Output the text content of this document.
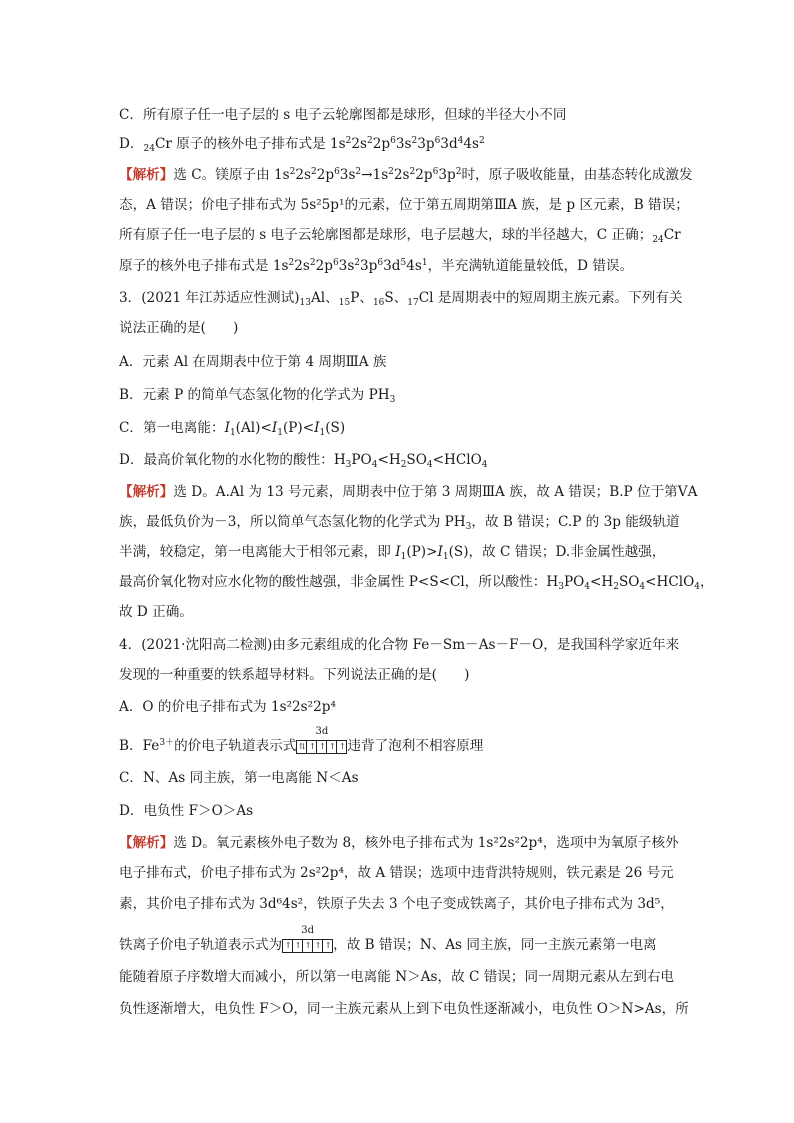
C．所有原子任一电子层的 s 电子云轮廓图都是球形，但球的半径大小不同
D．$_{24}$Cr 原子的核外电子排布式是 $1s^22s^22p^63s^23p^63d^44s^2$
【解析】选 C。镁原子由 $1s^22s^22p^63s^2\to 1s^22s^22p^63p^2$时，原子吸收能量，由基态转化成激发
态，A 错误；价电子排布式为 5s²5p¹的元素，位于第五周期第ⅢA 族，是 p 区元素，B 错误；
所有原子任一电子层的 s 电子云轮廓图都是球形，电子层越大，球的半径越大，C 正确；$_{24}$Cr
原子的核外电子排布式是 $1s^22s^22p^63s^23p^63d^54s^1$，半充满轨道能量较低，D 错误。
3．(2021 年江苏适应性测试)$_{13}Al$、$_{15}$P、$_{16}$S、$_{17}$Cl 是周期表中的短周期主族元素。下列有关
说法正确的是(　　)
A．元素 Al 在周期表中位于第 4 周期ⅢA 族
B．元素 P 的简单气态氢化物的化学式为 $PH_3$
C．第一电离能：$I_1(Al)<I_1(P)<I_1(S)$
D．最高价氧化物的水化物的酸性：$H_3PO_4<H_2SO_4<HClO_4$
【解析】选 D。A.Al 为 13 号元素，周期表中位于第 3 周期ⅢA 族，故 A 错误；B.P 位于第ⅤA
族，最低负价为－3，所以简单气态氢化物的化学式为 $PH_3$，故 B 错误；C.P 的 3p 能级轨道
半满，较稳定，第一电离能大于相邻元素，即 $I_1(P)>I_1(S)$，故 C 错误；D.非金属性越强，
最高价氧化物对应水化物的酸性越强，非金属性 P<S<Cl，所以酸性：$H_3PO_4<H_2SO_4<HClO_4$，
故 D 正确。
4．(2021·沈阳高二检测)由多元素组成的化合物 Fe－Sm－As－F－O，是我国科学家近年来
发现的一种重要的铁系超导材料。下列说法正确的是(　　)
A．O 的价电子排布式为 1s²2s²2p⁴
B．$Fe^{3+}$的价电子轨道表示式
3d
⇅ ↑ ↑ ↑ ↑ 违背了泡利不相容原理
C．N、As 同主族，第一电离能 N＜As
D．电负性 F＞O＞As
【解析】选 D。氧元素核外电子数为 8，核外电子排布式为 1s²2s²2p⁴，选项中为氧原子核外
电子排布式，价电子排布式为 2s²2p⁴，故 A 错误；选项中违背洪特规则，铁元素是 26 号元
素，其价电子排布式为 3d⁶4s²，铁原子失去 3 个电子变成铁离子，其价电子排布式为 3d⁵，
铁离子价电子轨道表示式为
3d
↑ ↑ ↑ ↑ ↑ ，故 B 错误；N、As 同主族，同一主族元素第一电离
能随着原子序数增大而减小，所以第一电离能 N＞As，故 C 错误；同一周期元素从左到右电
负性逐渐增大，电负性 F＞O，同一主族元素从上到下电负性逐渐减小，电负性 O＞N>As，所
